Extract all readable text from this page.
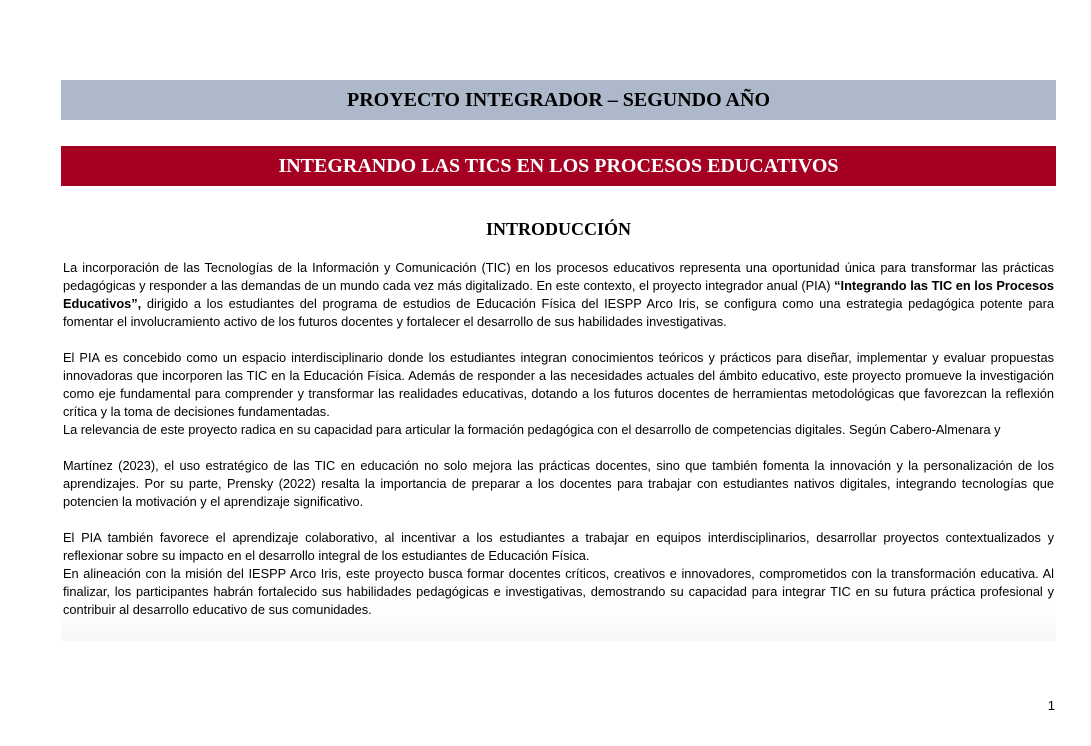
PROYECTO INTEGRADOR – SEGUNDO AÑO
INTEGRANDO LAS TICS EN LOS PROCESOS EDUCATIVOS
INTRODUCCIÓN

La incorporación de las Tecnologías de la Información y Comunicación (TIC) en los procesos educativos representa una oportunidad única para transformar las prácticas pedagógicas y responder a las demandas de un mundo cada vez más digitalizado. En este contexto, el proyecto integrador anual (PIA) “Integrando las TIC en los Procesos Educativos”, dirigido a los estudiantes del programa de estudios de Educación Física del IESPP Arco Iris, se configura como una estrategia pedagógica potente para fomentar el involucramiento activo de los futuros docentes y fortalecer el desarrollo de sus habilidades investigativas.

El PIA es concebido como un espacio interdisciplinario donde los estudiantes integran conocimientos teóricos y prácticos para diseñar, implementar y evaluar propuestas innovadoras que incorporen las TIC en la Educación Física. Además de responder a las necesidades actuales del ámbito educativo, este proyecto promueve la investigación como eje fundamental para comprender y transformar las realidades educativas, dotando a los futuros docentes de herramientas metodológicas que favorezcan la reflexión crítica y la toma de decisiones fundamentadas.

La relevancia de este proyecto radica en su capacidad para articular la formación pedagógica con el desarrollo de competencias digitales. Según Cabero-Almenara y

Martínez (2023), el uso estratégico de las TIC en educación no solo mejora las prácticas docentes, sino que también fomenta la innovación y la personalización de los aprendizajes. Por su parte, Prensky (2022) resalta la importancia de preparar a los docentes para trabajar con estudiantes nativos digitales, integrando tecnologías que potencien la motivación y el aprendizaje significativo.

El PIA también favorece el aprendizaje colaborativo, al incentivar a los estudiantes a trabajar en equipos interdisciplinarios, desarrollar proyectos contextualizados y reflexionar sobre su impacto en el desarrollo integral de los estudiantes de Educación Física.

En alineación con la misión del IESPP Arco Iris, este proyecto busca formar docentes críticos, creativos e innovadores, comprometidos con la transformación educativa. Al finalizar, los participantes habrán fortalecido sus habilidades pedagógicas e investigativas, demostrando su capacidad para integrar TIC en su futura práctica profesional y contribuir al desarrollo educativo de sus comunidades.

1
